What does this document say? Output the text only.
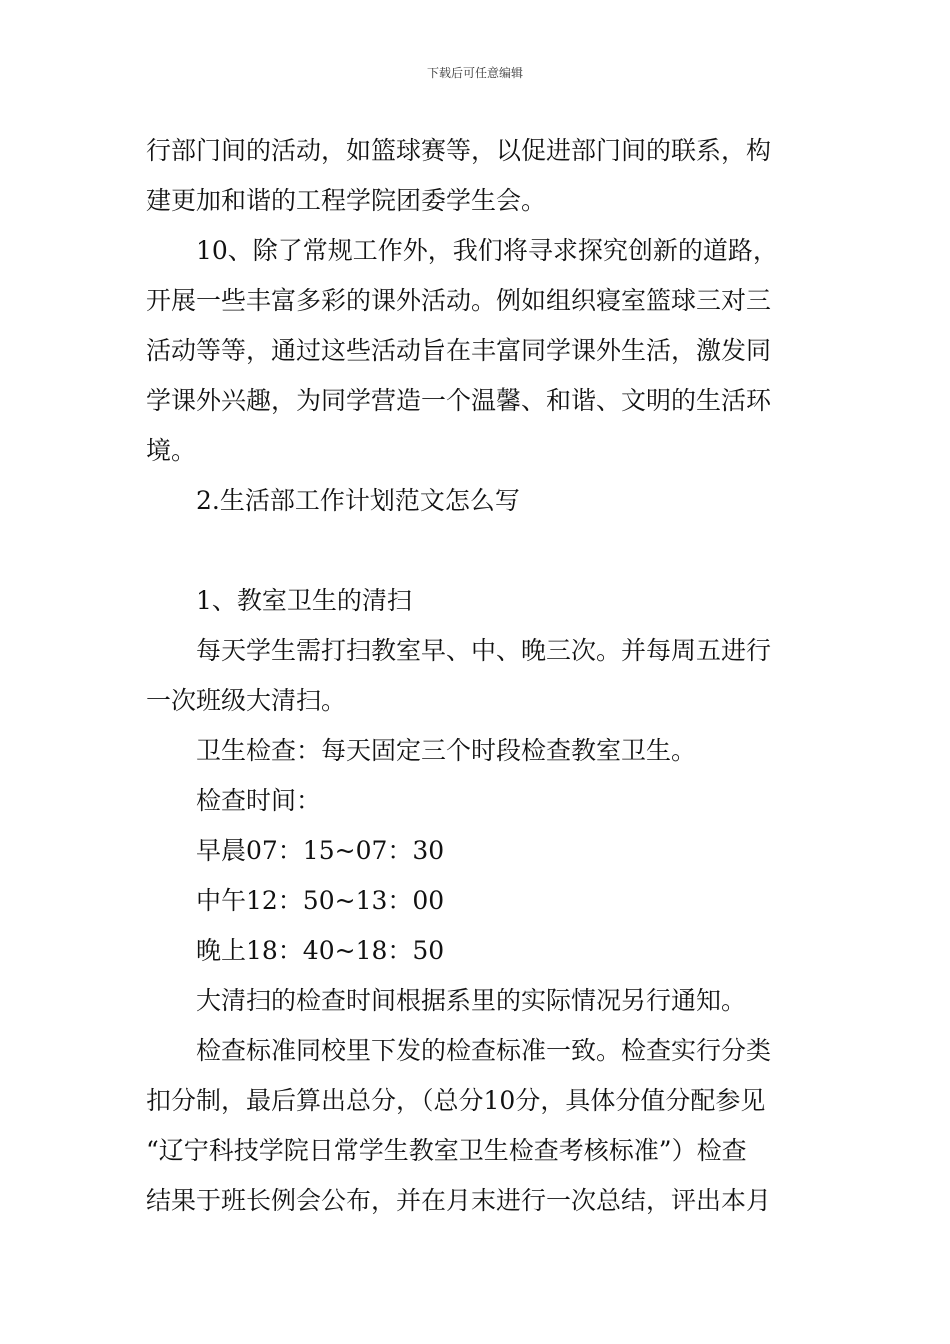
下载后可任意编辑

行部门间的活动，如篮球赛等，以促进部门间的联系，构

建更加和谐的工程学院团委学生会。

10、除了常规工作外，我们将寻求探究创新的道路，

开展一些丰富多彩的课外活动。例如组织寝室篮球三对三

活动等等，通过这些活动旨在丰富同学课外生活，激发同

学课外兴趣，为同学营造一个温馨、和谐、文明的生活环

境。

2.生活部工作计划范文怎么写

1、教室卫生的清扫

每天学生需打扫教室早、中、晚三次。并每周五进行

一次班级大清扫。

卫生检查：每天固定三个时段检查教室卫生。

检查时间：

早晨07：15~07：30

中午12：50~13：00

晚上18：40~18：50

大清扫的检查时间根据系里的实际情况另行通知。

检查标准同校里下发的检查标准一致。检查实行分类

扣分制，最后算出总分，（总分10分，具体分值分配参见

“辽宁科技学院日常学生教室卫生检查考核标准”）检查

结果于班长例会公布，并在月末进行一次总结，评出本月
